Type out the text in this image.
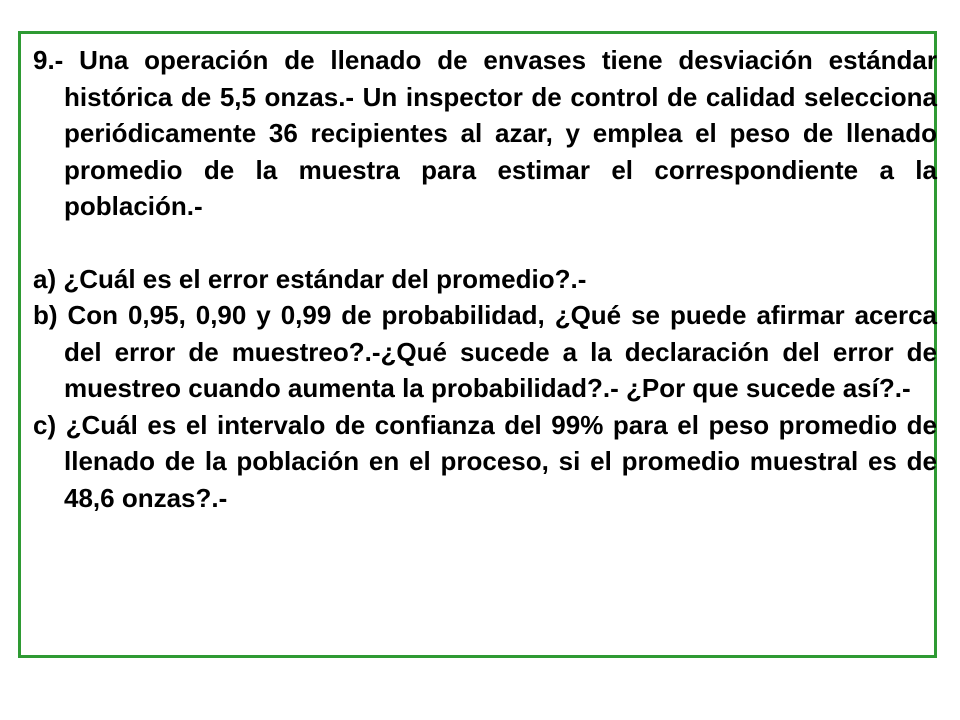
9.- Una operación de llenado de envases tiene desviación estándar histórica de 5,5 onzas.- Un inspector de control de calidad selecciona periódicamente 36 recipientes al azar, y emplea el peso de llenado promedio de la muestra para estimar el correspondiente a la población.-

a) ¿Cuál es el error estándar del promedio?.-

b) Con 0,95, 0,90 y 0,99 de probabilidad, ¿Qué se puede afirmar acerca del error de muestreo?.-¿Qué sucede a la declaración del error de muestreo cuando aumenta la probabilidad?.- ¿Por que sucede así?.-

c) ¿Cuál es el intervalo de confianza del 99% para el peso promedio de llenado de la población en el proceso, si el promedio muestral es de 48,6 onzas?.-
